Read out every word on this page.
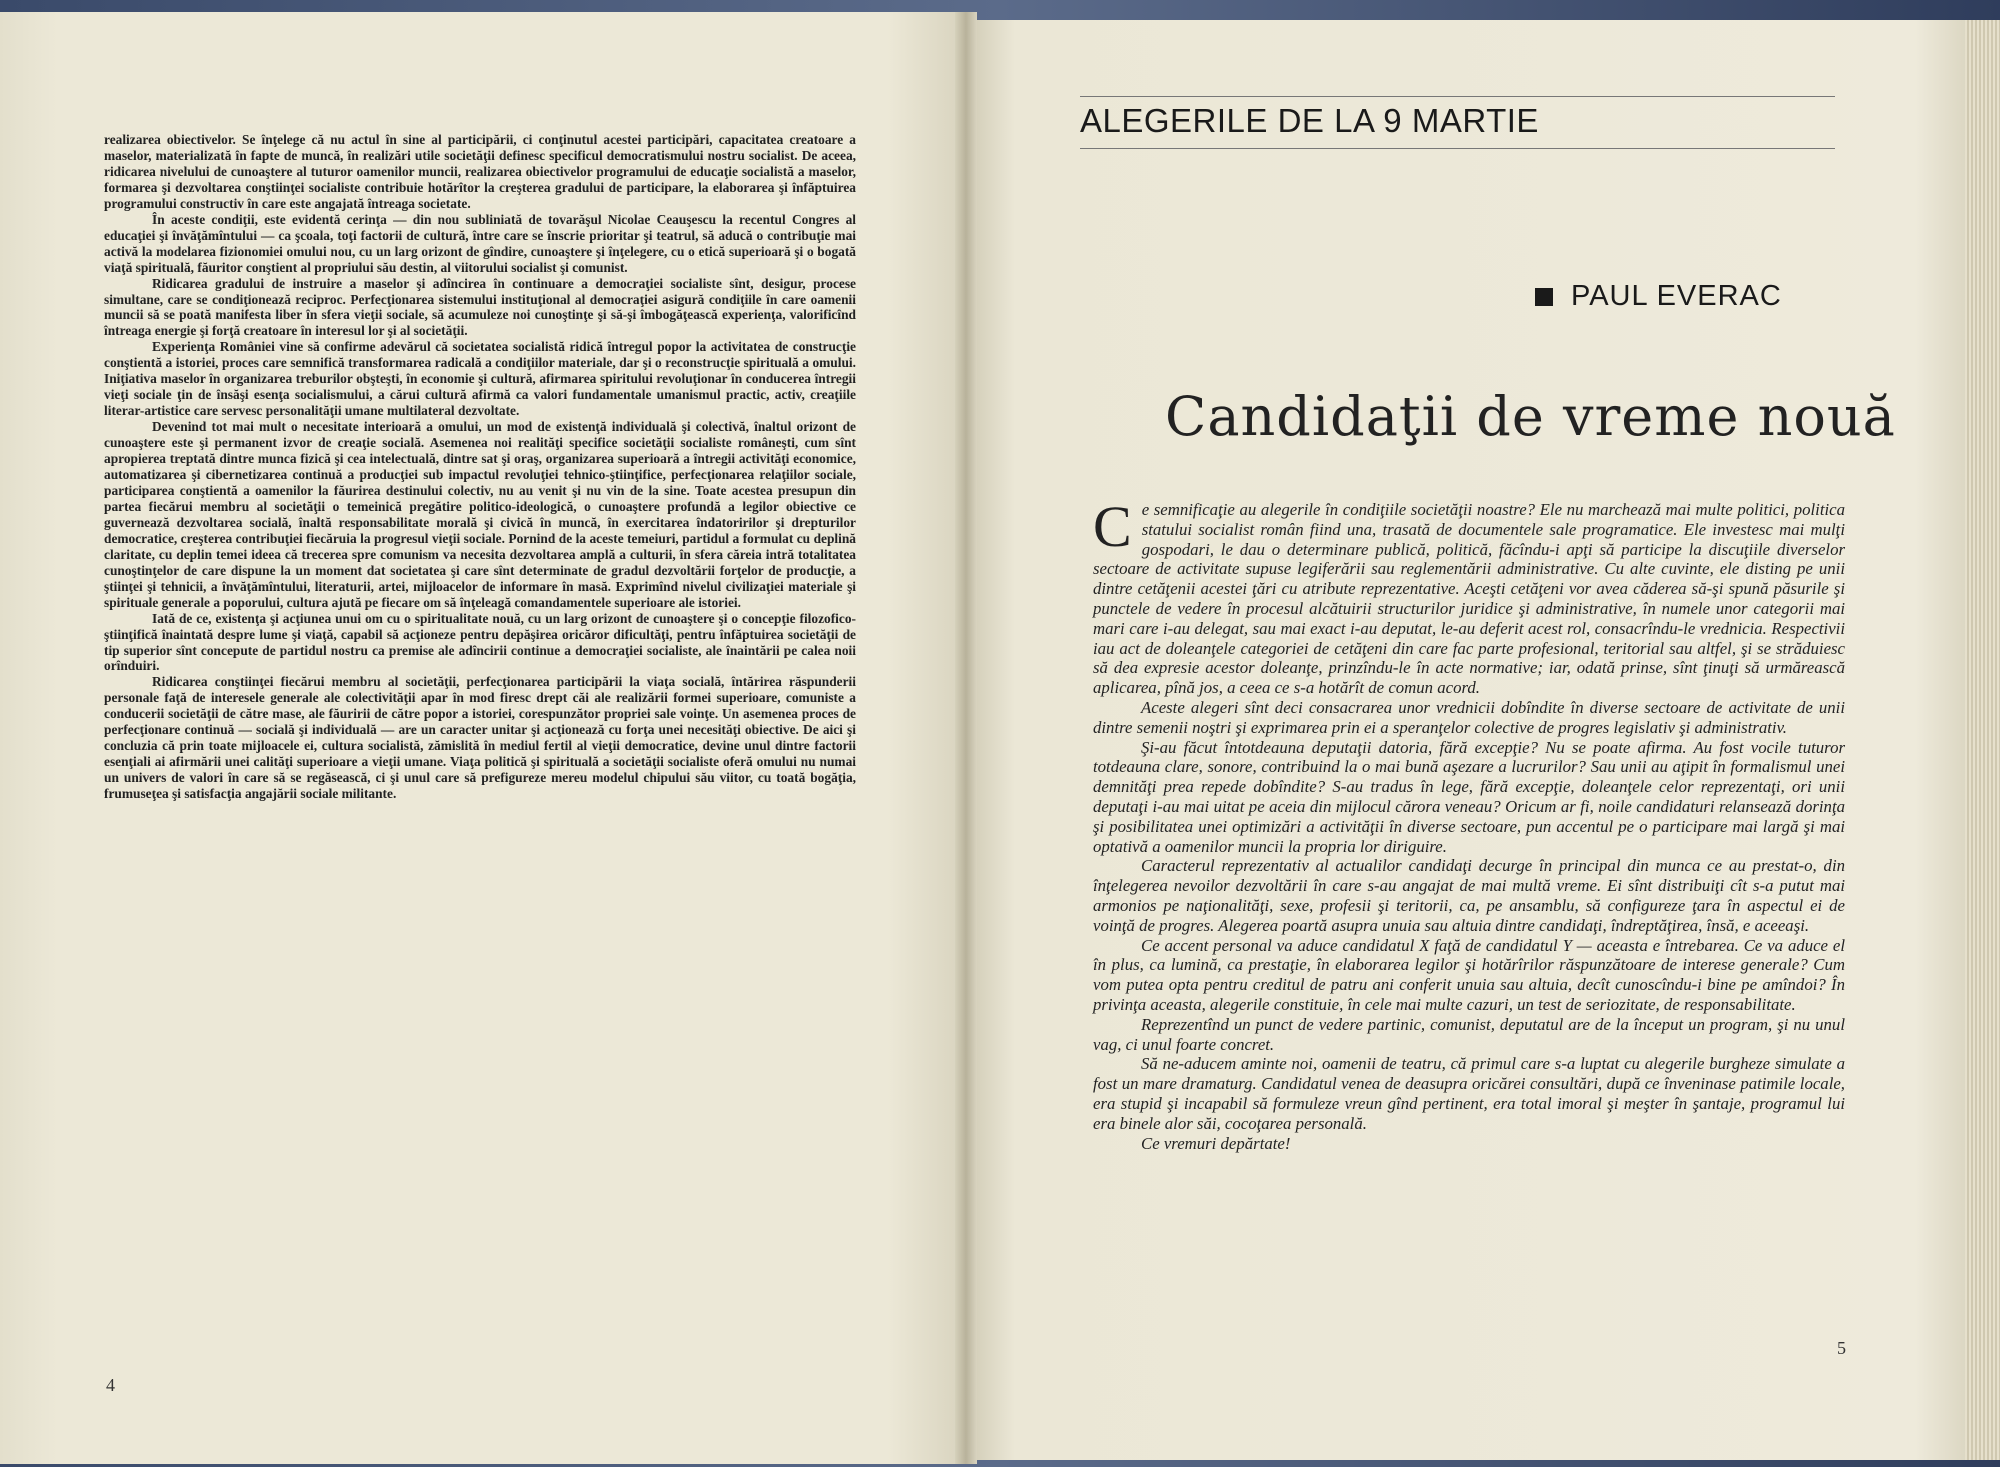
realizarea obiectivelor. Se înţelege că nu actul în sine al participării, ci conţinutul acestei participări, capacitatea creatoare a maselor, materializată în fapte de muncă, în realizări utile societăţii definesc specificul democratismului nostru socialist. De aceea, ridicarea nivelului de cunoaştere al tuturor oamenilor muncii, realizarea obiectivelor programului de educaţie socialistă a maselor, formarea şi dezvoltarea conştiinţei socialiste contribuie hotărîtor la creşterea gradului de participare, la elaborarea şi înfăptuirea programului constructiv în care este angajată întreaga societate.

În aceste condiţii, este evidentă cerinţa — din nou subliniată de tovarăşul Nicolae Ceauşescu la recentul Congres al educaţiei şi învăţămîntului — ca şcoala, toţi factorii de cultură, între care se înscrie prioritar şi teatrul, să aducă o contribuţie mai activă la modelarea fizionomiei omului nou, cu un larg orizont de gîndire, cunoaştere şi înţelegere, cu o etică superioară şi o bogată viaţă spirituală, făuritor conştient al propriului său destin, al viitorului socialist şi comunist.

Ridicarea gradului de instruire a maselor şi adîncirea în continuare a democraţiei socialiste sînt, desigur, procese simultane, care se condiţionează reciproc. Perfecţionarea sistemului instituţional al democraţiei asigură condiţiile în care oamenii muncii să se poată manifesta liber în sfera vieţii sociale, să acumuleze noi cunoştinţe şi să-şi îmbogăţească experienţa, valorificînd întreaga energie şi forţă creatoare în interesul lor şi al societăţii.

Experienţa României vine să confirme adevărul că societatea socialistă ridică întregul popor la activitatea de construcţie conştientă a istoriei, proces care semnifică transformarea radicală a condiţiilor materiale, dar şi o reconstrucţie spirituală a omului. Iniţiativa maselor în organizarea treburilor obşteşti, în economie şi cultură, afirmarea spiritului revoluţionar în conducerea întregii vieţi sociale ţin de însăşi esenţa socialismului, a cărui cultură afirmă ca valori fundamentale umanismul practic, activ, creaţiile literar-artistice care servesc personalităţii umane multilateral dezvoltate.

Devenind tot mai mult o necesitate interioară a omului, un mod de existenţă individuală şi colectivă, înaltul orizont de cunoaştere este şi permanent izvor de creaţie socială. Asemenea noi realităţi specifice societăţii socialiste româneşti, cum sînt apropierea treptată dintre munca fizică şi cea intelectuală, dintre sat şi oraş, organizarea superioară a întregii activităţi economice, automatizarea şi cibernetizarea continuă a producţiei sub impactul revoluţiei tehnico-ştiinţifice, perfecţionarea relaţiilor sociale, participarea conştientă a oamenilor la făurirea destinului colectiv, nu au venit şi nu vin de la sine. Toate acestea presupun din partea fiecărui membru al societăţii o temeinică pregătire politico-ideologică, o cunoaştere profundă a legilor obiective ce guvernează dezvoltarea socială, înaltă responsabilitate morală şi civică în muncă, în exercitarea îndatoririlor şi drepturilor democratice, creşterea contribuţiei fiecăruia la progresul vieţii sociale. Pornind de la aceste temeiuri, partidul a formulat cu deplină claritate, cu deplin temei ideea că trecerea spre comunism va necesita dezvoltarea amplă a culturii, în sfera căreia intră totalitatea cunoştinţelor de care dispune la un moment dat societatea şi care sînt determinate de gradul dezvoltării forţelor de producţie, a ştiinţei şi tehnicii, a învăţămîntului, literaturii, artei, mijloacelor de informare în masă. Exprimînd nivelul civilizaţiei materiale şi spirituale generale a poporului, cultura ajută pe fiecare om să înţeleagă comandamentele superioare ale istoriei.

Iată de ce, existenţa şi acţiunea unui om cu o spiritualitate nouă, cu un larg orizont de cunoaştere şi o concepţie filozofico-ştiinţifică înaintată despre lume şi viaţă, capabil să acţioneze pentru depăşirea oricăror dificultăţi, pentru înfăptuirea societăţii de tip superior sînt concepute de partidul nostru ca premise ale adîncirii continue a democraţiei socialiste, ale înaintării pe calea noii orînduiri.

Ridicarea conştiinţei fiecărui membru al societăţii, perfecţionarea participării la viaţa socială, întărirea răspunderii personale faţă de interesele generale ale colectivităţii apar în mod firesc drept căi ale realizării formei superioare, comuniste a conducerii societăţii de către mase, ale făuririi de către popor a istoriei, corespunzător propriei sale voinţe. Un asemenea proces de perfecţionare continuă — socială şi individuală — are un caracter unitar şi acţionează cu forţa unei necesităţi obiective. De aici şi concluzia că prin toate mijloacele ei, cultura socialistă, zămislită în mediul fertil al vieţii democratice, devine unul dintre factorii esenţiali ai afirmării unei calităţi superioare a vieţii umane. Viaţa politică şi spirituală a societăţii socialiste oferă omului nu numai un univers de valori în care să se regăsească, ci şi unul care să prefigureze mereu modelul chipului său viitor, cu toată bogăţia, frumuseţea şi satisfacţia angajării sociale militante.

4
ALEGERILE DE LA 9 MARTIE
PAUL EVERAC
Candidaţii de vreme nouă

Ce semnificaţie au alegerile în condiţiile societăţii noastre? Ele nu marchează mai multe politici, politica statului socialist român fiind una, trasată de documentele sale programatice. Ele investesc mai mulţi gospodari, le dau o determinare publică, politică, făcîndu-i apţi să participe la discuţiile diverselor sectoare de activitate supuse legiferării sau reglementării administrative. Cu alte cuvinte, ele disting pe unii dintre cetăţenii acestei ţări cu atribute reprezentative. Aceşti cetăţeni vor avea căderea să-şi spună păsurile şi punctele de vedere în procesul alcătuirii structurilor juridice şi administrative, în numele unor categorii mai mari care i-au delegat, sau mai exact i-au deputat, le-au deferit acest rol, consacrîndu-le vrednicia. Respectivii iau act de doleanţele categoriei de cetăţeni din care fac parte profesional, teritorial sau altfel, şi se străduiesc să dea expresie acestor doleanţe, prinzîndu-le în acte normative; iar, odată prinse, sînt ţinuţi să urmărească aplicarea, pînă jos, a ceea ce s-a hotărît de comun acord.

Aceste alegeri sînt deci consacrarea unor vrednicii dobîndite în diverse sectoare de activitate de unii dintre semenii noştri şi exprimarea prin ei a speranţelor colective de progres legislativ şi administrativ.

Şi-au făcut întotdeauna deputaţii datoria, fără excepţie? Nu se poate afirma. Au fost vocile tuturor totdeauna clare, sonore, contribuind la o mai bună aşezare a lucrurilor? Sau unii au aţipit în formalismul unei demnităţi prea repede dobîndite? S-au tradus în lege, fără excepţie, doleanţele celor reprezentaţi, ori unii deputaţi i-au mai uitat pe aceia din mijlocul cărora veneau? Oricum ar fi, noile candidaturi relansează dorinţa şi posibilitatea unei optimizări a activităţii în diverse sectoare, pun accentul pe o participare mai largă şi mai optativă a oamenilor muncii la propria lor diriguire.

Caracterul reprezentativ al actualilor candidaţi decurge în principal din munca ce au prestat-o, din înţelegerea nevoilor dezvoltării în care s-au angajat de mai multă vreme. Ei sînt distribuiţi cît s-a putut mai armonios pe naţionalităţi, sexe, profesii şi teritorii, ca, pe ansamblu, să configureze ţara în aspectul ei de voinţă de progres. Alegerea poartă asupra unuia sau altuia dintre candidaţi, îndreptăţirea, însă, e aceeaşi.

Ce accent personal va aduce candidatul X faţă de candidatul Y — aceasta e întrebarea. Ce va aduce el în plus, ca lumină, ca prestaţie, în elaborarea legilor şi hotărîrilor răspunzătoare de interese generale? Cum vom putea opta pentru creditul de patru ani conferit unuia sau altuia, decît cunoscîndu-i bine pe amîndoi? În privinţa aceasta, alegerile constituie, în cele mai multe cazuri, un test de seriozitate, de responsabilitate.

Reprezentînd un punct de vedere partinic, comunist, deputatul are de la început un program, şi nu unul vag, ci unul foarte concret.

Să ne-aducem aminte noi, oamenii de teatru, că primul care s-a luptat cu alegerile burgheze simulate a fost un mare dramaturg. Candidatul venea de deasupra oricărei consultări, după ce înveninase patimile locale, era stupid şi incapabil să formuleze vreun gînd pertinent, era total imoral şi meşter în şantaje, programul lui era binele alor săi, cocoţarea personală.

Ce vremuri depărtate!

5
